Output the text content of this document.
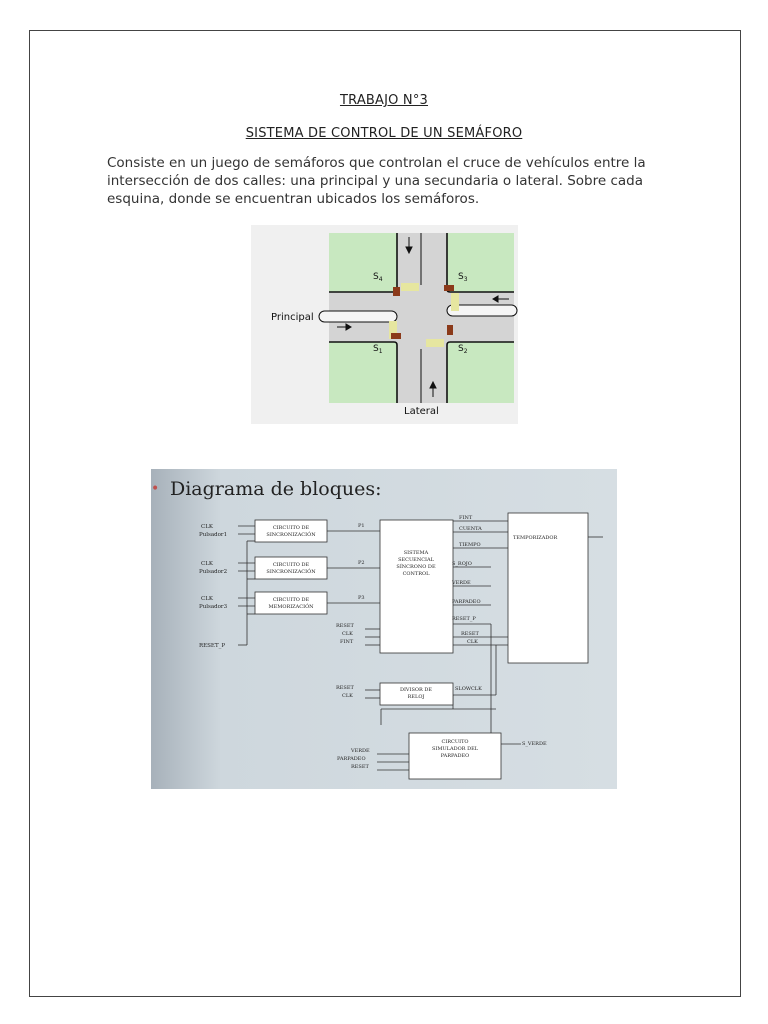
TRABAJO N°3
SISTEMA DE CONTROL DE UN SEMÁFORO
Consiste en un juego de semáforos que controlan el cruce de vehículos entre la intersección de dos calles: una principal y una secundaria o lateral. Sobre cada esquina, donde se encuentran ubicados los semáforos.
Principal
Lateral
$S_4$	$S_3$
$S_1$	$S_2$
• Diagrama de bloques:
CLK
Pulsador1
CLK
Pulsador2
CLK
Pulsador3
RESET_P
CIRCUITO DE
SINCRONIZACIÓN
CIRCUITO DE
SINCRONIZACIÓN
CIRCUITO DE
MEMORIZACIÓN
SISTEMA
SECUENCIAL
SÍNCRONO DE
CONTROL
DIVISOR DE
RELOJ
CIRCUITO
SIMULADOR DEL
PARPADEO
P1
P2
P3
RESET
CLK
FINT
FINT
CUENTA
TIEMPO
S_ROJO
VERDE
PARPADEO
RESET_P
TEMPORIZADOR
RESET
CLK
RESET
CLK
SLOWCLK
VERDE
PARPADEO
RESET
S_VERDE
